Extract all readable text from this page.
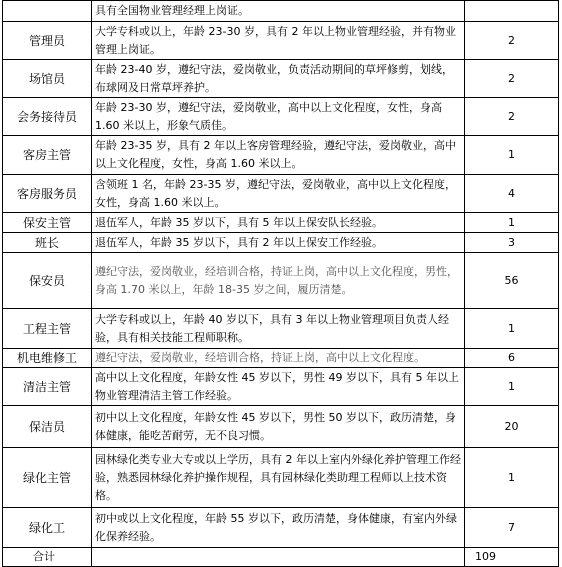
	具有全国物业管理经理上岗证。	
管理员	大学专科或以上，年龄 23-30 岁，具有 2 年以上物业管理经验，并有物业管理上岗证。	2
场馆员	年龄 23-40 岁，遵纪守法，爱岗敬业，负责活动期间的草坪修剪，划线，布球网及日常草坪养护。	2
会务接待员	年龄 23-30 岁，遵纪守法，爱岗敬业，高中以上文化程度，女性，身高 1.60 米以上，形象气质佳。	2
客房主管	年龄 23-35 岁，具有 2 年以上客房管理经验，遵纪守法，爱岗敬业，高中以上文化程度，女性，身高 1.60 米以上。	1
客房服务员	含领班 1 名，年龄 23-35 岁，遵纪守法，爱岗敬业，高中以上文化程度，女性，身高 1.60 米以上。	4
保安主管	退伍军人，年龄 35 岁以下，具有 5 年以上保安队长经验。	1
班长	退伍军人，年龄 35 岁以下，具有 2 年以上保安工作经验。	3
保安员	遵纪守法，爱岗敬业，经培训合格，持证上岗，高中以上文化程度，男性，身高 1.70 米以上，年龄 18-35 岁之间，履历清楚。	56
工程主管	大学专科或以上，年龄 40 岁以下，具有 3 年以上物业管理项目负责人经验，具有相关技能工程师职称。	1
机电维修工	遵纪守法，爱岗敬业，经培训合格，持证上岗，高中以上文化程度。	6
清洁主管	高中以上文化程度，年龄女性 45 岁以下，男性 49 岁以下，具有 5 年以上物业管理清洁主管工作经验。	1
保洁员	初中以上文化程度，年龄女性 45 岁以下，男性 50 岁以下，政历清楚，身体健康，能吃苦耐劳，无不良习惯。	20
绿化主管	园林绿化类专业大专或以上学历，具有 2 年以上室内外绿化养护管理工作经验，熟悉园林绿化养护操作规程，具有园林绿化类助理工程师以上技术资格。	1
绿化工	初中或以上文化程度，年龄 55 岁以下，政历清楚，身体健康，有室内外绿化保养经验。	7
合计		109
